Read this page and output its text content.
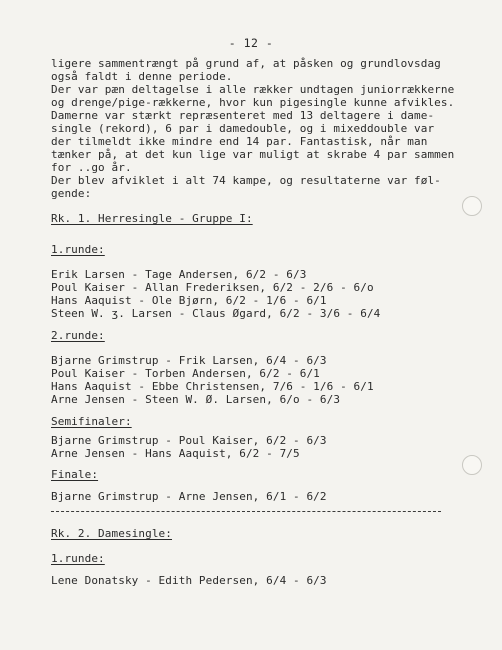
- 12 -
ligere sammentrængt på grund af, at påsken og grundlovsdag
også faldt i denne periode.
Der var pæn deltagelse i alle rækker undtagen juniorrækkerne
og drenge/pige-rækkerne, hvor kun pigesingle kunne afvikles.
Damerne var stærkt repræsenteret med 13 deltagere i dame-
single (rekord), 6 par i damedouble, og i mixeddouble var
der tilmeldt ikke mindre end 14 par. Fantastisk, når man
tænker på, at det kun lige var muligt at skrabe 4 par sammen
for ..go år.
Der blev afviklet i alt 74 kampe, og resultaterne var føl-
gende:
Rk. 1. Herresingle - Gruppe I:
1.runde:
Erik Larsen - Tage Andersen, 6/2 - 6/3
Poul Kaiser - Allan Frederiksen, 6/2 - 2/6 - 6/o
Hans Aaquist - Ole Bjørn, 6/2 - 1/6 - 6/1
Steen W. ʒ. Larsen - Claus Øgard, 6/2 - 3/6 - 6/4
2.runde:
Bjarne Grimstrup - Frik Larsen, 6/4 - 6/3
Poul Kaiser - Torben Andersen, 6/2 - 6/1
Hans Aaquist - Ebbe Christensen, 7/6 - 1/6 - 6/1
Arne Jensen - Steen W. Ø. Larsen, 6/o - 6/3
Semifinaler:
Bjarne Grimstrup - Poul Kaiser, 6/2 - 6/3
Arne Jensen - Hans Aaquist, 6/2 - 7/5
Finale:
Bjarne Grimstrup - Arne Jensen, 6/1 - 6/2
Rk. 2. Damesingle:
1.runde:
Lene Donatsky - Edith Pedersen, 6/4 - 6/3
